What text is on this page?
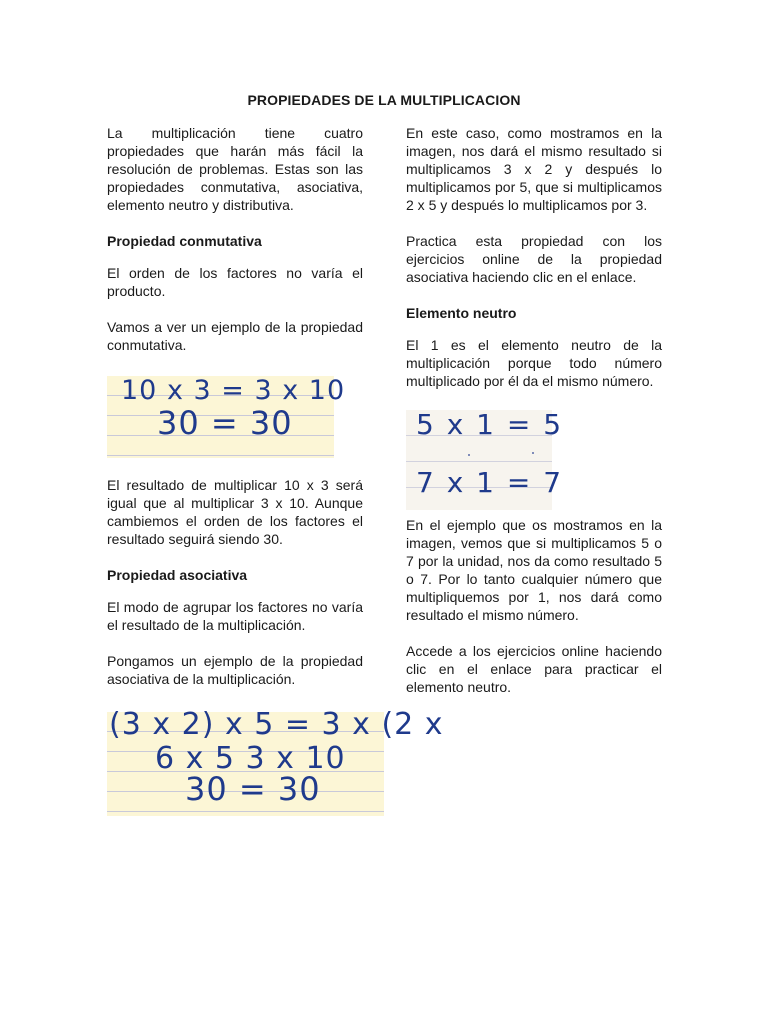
PROPIEDADES DE LA MULTIPLICACION

La multiplicación tiene cuatro propiedades que harán más fácil la resolución de problemas. Estas son las propiedades conmutativa, asociativa, elemento neutro y distributiva.

Propiedad conmutativa

El orden de los factores no varía el producto.

Vamos a ver un ejemplo de la propiedad conmutativa.

10 x 3 = 3 x 10
30 = 30

El resultado de multiplicar 10 x 3 será igual que al multiplicar 3 x 10. Aunque cambiemos el orden de los factores el resultado seguirá siendo 30.

Propiedad asociativa

El modo de agrupar los factores no varía el resultado de la multiplicación.

Pongamos un ejemplo de la propiedad asociativa de la multiplicación.

(3 x 2) x 5 = 3 x (2 x
6 x 5 3 x 10
30 = 30

En este caso, como mostramos en la imagen, nos dará el mismo resultado si multiplicamos 3 x 2 y después lo multiplicamos por 5, que si multiplicamos 2 x 5 y después lo multiplicamos por 3.

Practica esta propiedad con los ejercicios online de la propiedad asociativa haciendo clic en el enlace.

Elemento neutro

El 1 es el elemento neutro de la multiplicación porque todo número multiplicado por él da el mismo número.

5 x 1 = 5
7 x 1 = 7

En el ejemplo que os mostramos en la imagen, vemos que si multiplicamos 5 o 7 por la unidad, nos da como resultado 5 o 7. Por lo tanto cualquier número que multipliquemos por 1, nos dará como resultado el mismo número.

Accede a los ejercicios online haciendo clic en el enlace para practicar el elemento neutro.
